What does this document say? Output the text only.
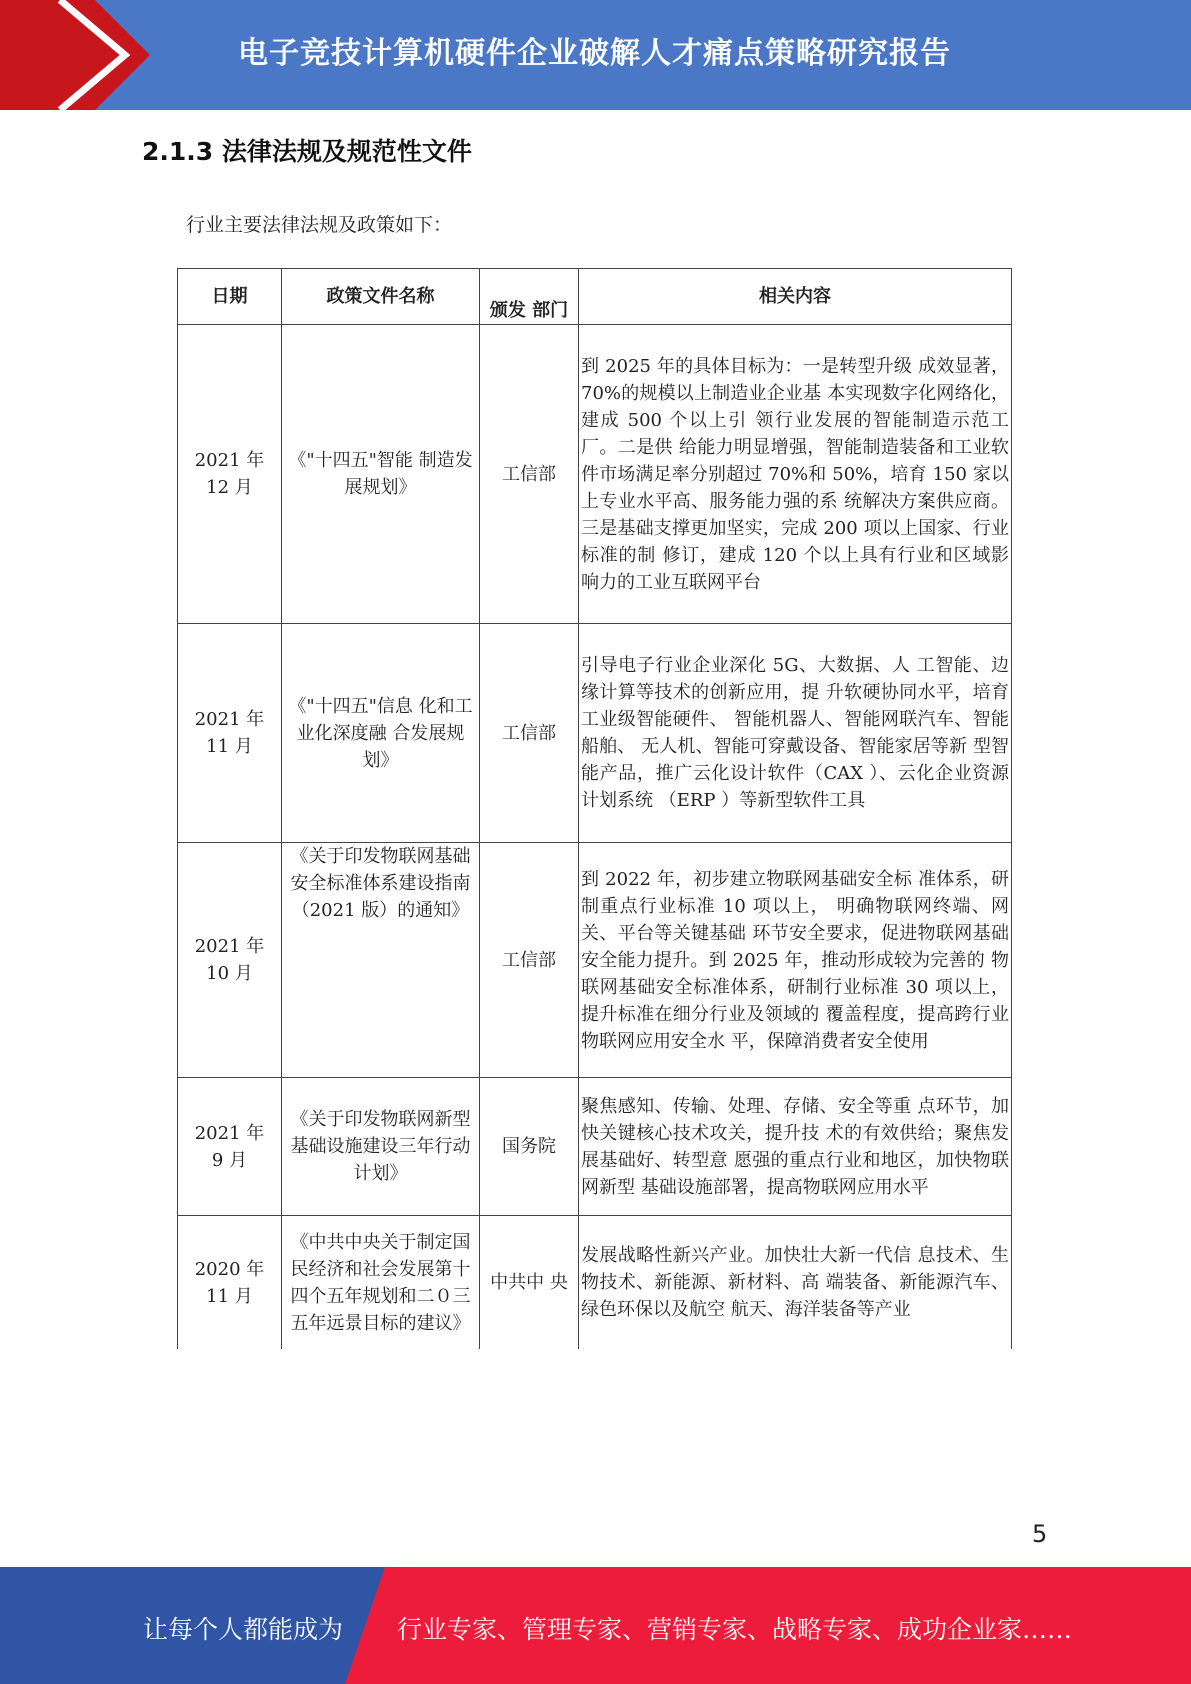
电子竞技计算机硬件企业破解人才痛点策略研究报告
2.1.3 法律法规及规范性文件
行业主要法律法规及政策如下：
日期	政策文件名称	颁发 部门	相关内容

2021 年
12 月	《"十四五"智能 制造发展规划》	工信部	到 2025 年的具体目标为：一是转型升级 成效显著，70%的规模以上制造业企业基 本实现数字化网络化，建成 500 个以上引 领行业发展的智能制造示范工厂。二是供 给能力明显增强，智能制造装备和工业软 件市场满足率分别超过 70%和 50%，培育 150 家以上专业水平高、服务能力强的系 统解决方案供应商。三是基础支撑更加坚实，完成 200 项以上国家、行业标准的制 修订，建成 120 个以上具有行业和区域影 响力的工业互联网平台

2021 年
11 月	《"十四五"信息 化和工业化深度融 合发展规划》	工信部	引导电子行业企业深化 5G、大数据、人 工智能、边缘计算等技术的创新应用，提 升软硬协同水平，培育工业级智能硬件、 智能机器人、智能网联汽车、智能船舶、 无人机、智能可穿戴设备、智能家居等新 型智能产品，推广云化设计软件（CAX ）、云化企业资源计划系统 （ERP ）等新型软件工具

2021 年
10 月	《关于印发物联网基础安全标准体系建设指南（2021 版）的通知》	工信部	到 2022 年，初步建立物联网基础安全标 准体系，研制重点行业标准 10 项以上， 明确物联网终端、网关、平台等关键基础 环节安全要求，促进物联网基础安全能力提升。到 2025 年，推动形成较为完善的 物联网基础安全标准体系，研制行业标准 30 项以上，提升标准在细分行业及领域的 覆盖程度，提高跨行业物联网应用安全水 平，保障消费者安全使用

2021 年
9 月	《关于印发物联网新型基础设施建设三年行动计划》	国务院	聚焦感知、传输、处理、存储、安全等重 点环节，加快关键核心技术攻关，提升技 术的有效供给；聚焦发展基础好、转型意 愿强的重点行业和地区，加快物联网新型 基础设施部署，提高物联网应用水平

2020 年
11 月	《中共中央关于制定国民经济和社会发展第十四个五年规划和二０三五年远景目标的建议》	中共中 央	发展战略性新兴产业。加快壮大新一代信 息技术、生物技术、新能源、新材料、高 端装备、新能源汽车、绿色环保以及航空 航天、海洋装备等产业
5
让每个人都能成为 行业专家、管理专家、营销专家、战略专家、成功企业家……
